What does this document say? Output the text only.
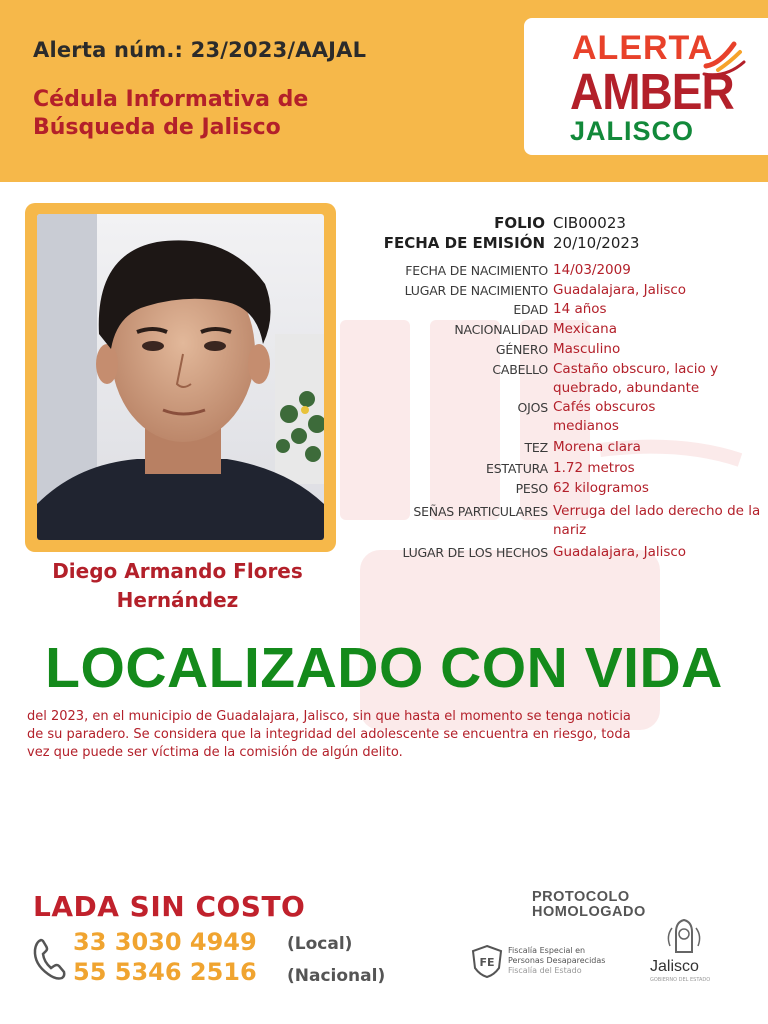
Alerta núm.: 23/2023/AAJAL
Cédula Informativa de
Búsqueda de Jalisco
ALERTA
AMBER
JALISCO
Diego Armando Flores
Hernández
FOLIO CIB00023
FECHA DE EMISIÓN 20/10/2023
FECHA DE NACIMIENTO 14/03/2009
LUGAR DE NACIMIENTO Guadalajara, Jalisco
EDAD 14 años
NACIONALIDAD Mexicana
GÉNERO Masculino
CABELLO Castaño obscuro, lacio y quebrado, abundante
OJOS Cafés obscuros medianos
TEZ Morena clara
ESTATURA 1.72 metros
PESO 62 kilogramos
SEÑAS PARTICULARES Verruga del lado derecho de la nariz
LUGAR DE LOS HECHOS Guadalajara, Jalisco
LOCALIZADO CON VIDA
del 2023, en el municipio de Guadalajara, Jalisco, sin que hasta el momento se tenga noticia
de su paradero. Se considera que la integridad del adolescente se encuentra en riesgo, toda
vez que puede ser víctima de la comisión de algún delito.
LADA SIN COSTO
33 3030 4949 (Local)
55 5346 2516 (Nacional)
PROTOCOLO
HOMOLOGADO
FE
Fiscalía Especial en
Personas Desaparecidas
Fiscalía del Estado	Jalisco
GOBIERNO DEL ESTADO
